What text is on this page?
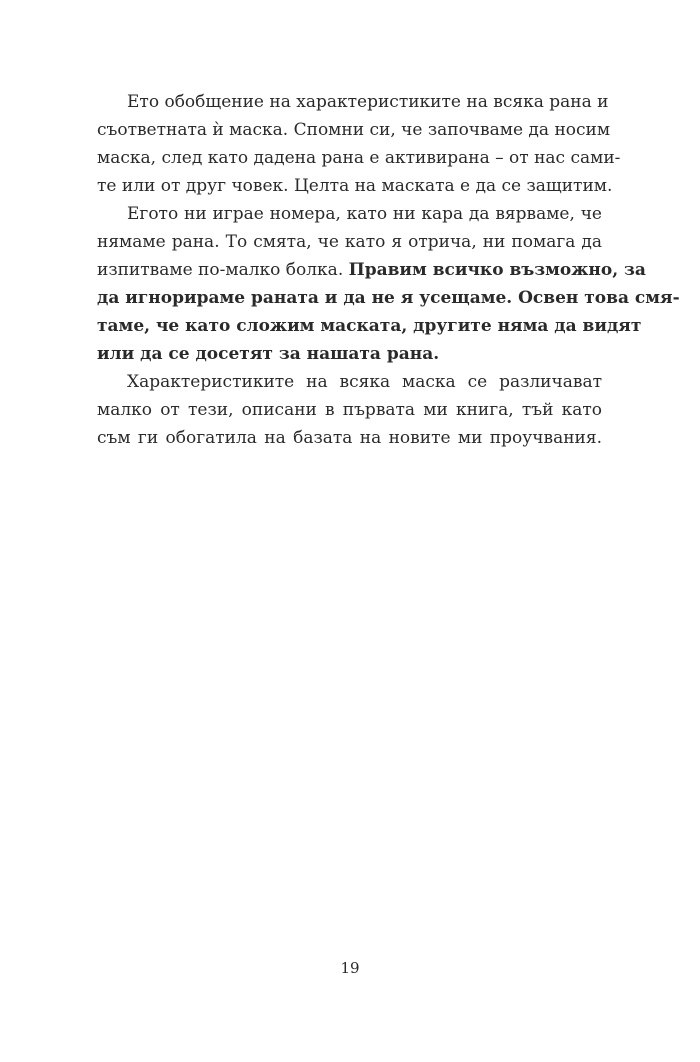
Ето обобщение на характеристиките на всяка рана и
съответната ѝ маска. Спомни си, че започваме да носим
маска, след като дадена рана е активирана – от нас сами-
те или от друг човек. Целта на маската е да се защитим.
Егото ни играе номера, като ни кара да вярваме, че
нямаме рана. То смята, че като я отрича, ни помага да
изпитваме по-малко болка. Правим всичко възможно, за
да игнорираме раната и да не я усещаме. Освен това смя-
таме, че като сложим маската, другите няма да видят
или да се досетят за нашата рана.
Характеристиките на всяка маска се различават
малко от тези, описани в първата ми книга, тъй като
съм ги обогатила на базата на новите ми проучвания.
19
